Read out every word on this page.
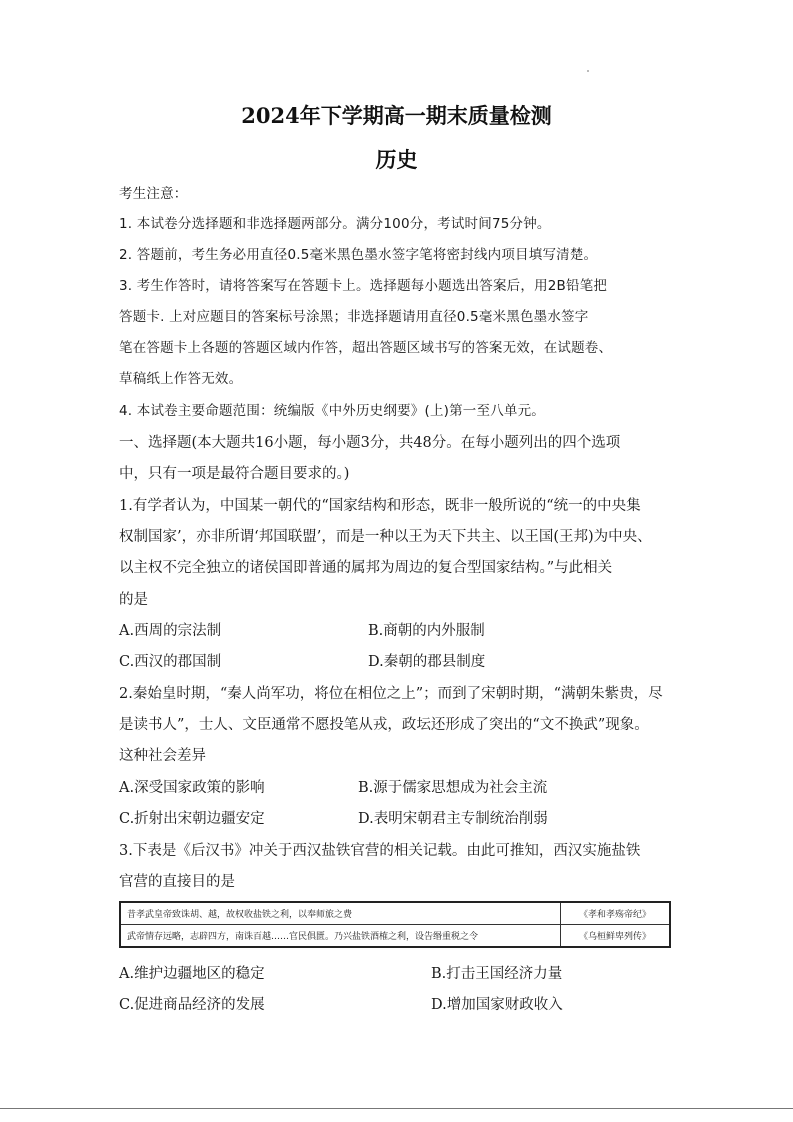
2024年下学期高一期末质量检测
历史
考生注意：
1. 本试卷分选择题和非选择题两部分。满分100分，考试时间75分钟。
2. 答题前，考生务必用直径0.5毫米黑色墨水签字笔将密封线内项目填写清楚。
3. 考生作答时，请将答案写在答题卡上。选择题每小题选出答案后，用2B铅笔把
答题卡. 上对应题目的答案标号涂黑；非选择题请用直径0.5毫米黑色墨水签字
笔在答题卡上各题的答题区域内作答，超出答题区域书写的答案无效，在试题卷、
草稿纸上作答无效。
4. 本试卷主要命题范围：统编版《中外历史纲要》(上)第一至八单元。
一、选择题(本大题共16小题，每小题3分，共48分。在每小题列出的四个选项
中，只有一项是最符合题目要求的。)
1.有学者认为，中国某一朝代的“国家结构和形态，既非一般所说的“统一的中央集
权制国家’，亦非所谓‘邦国联盟’，而是一种以王为天下共主、以王国(王邦)为中央、
以主权不完全独立的诸侯国即普通的属邦为周边的复合型国家结构。”与此相关
的是
A.西周的宗法制	B.商朝的内外服制
C.西汉的郡国制	D.秦朝的郡县制度
2.秦始皇时期，“秦人尚军功，将位在相位之上”；而到了宋朝时期，“满朝朱紫贵，尽
是读书人”，士人、文臣通常不愿投笔从戎，政坛还形成了突出的“文不换武”现象。
这种社会差异
A.深受国家政策的影响	B.源于儒家思想成为社会主流
C.折射出宋朝边疆安定	D.表明宋朝君主专制统治削弱
3.下表是《后汉书》冲关于西汉盐铁官营的相关记载。由此可推知，西汉实施盐铁
官营的直接目的是
昔孝武皇帝致诛胡、越，故权收盐铁之利，以奉师旅之费	《孝和孝殇帝纪》
武帝情存远略，志辟四方，南诛百越……官民俱匮。乃兴盐铁酒榷之利，设告缗重税之令	《乌桓鲜卑列传》
A.维护边疆地区的稳定	B.打击王国经济力量
C.促进商品经济的发展	D.增加国家财政收入
